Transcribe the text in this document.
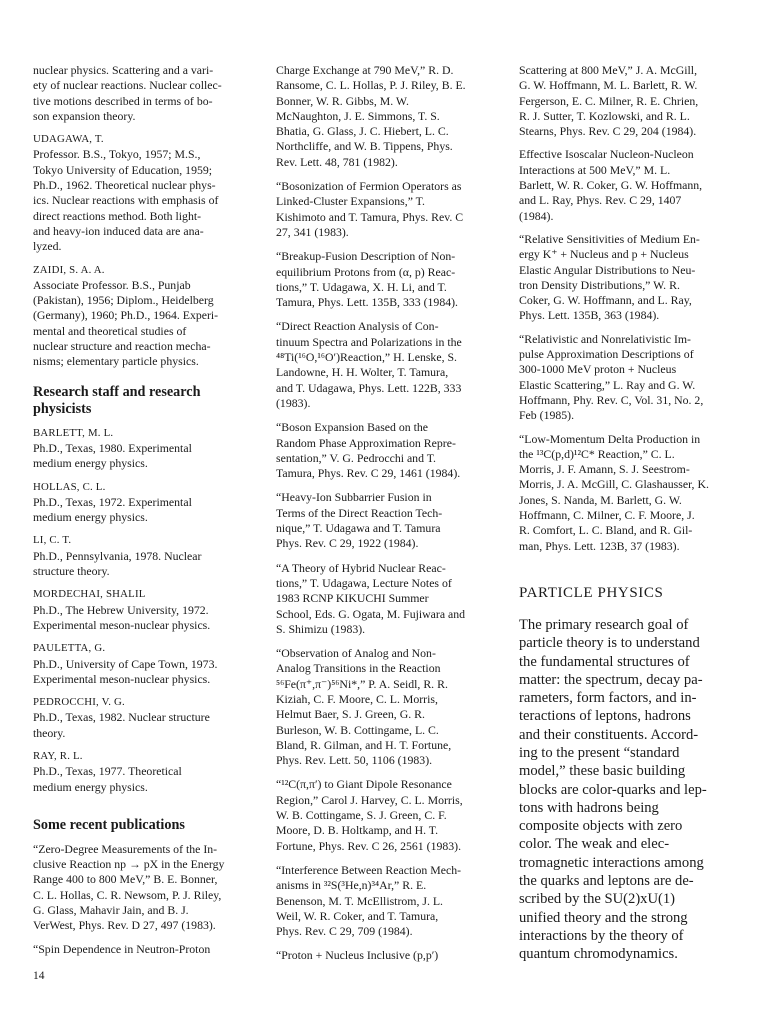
nuclear physics. Scattering and a vari-
ety of nuclear reactions. Nuclear collec-
tive motions described in terms of bo-
son expansion theory.
UDAGAWA, T.
Professor. B.S., Tokyo, 1957; M.S.,
Tokyo University of Education, 1959;
Ph.D., 1962. Theoretical nuclear phys-
ics. Nuclear reactions with emphasis of
direct reactions method. Both light-
and heavy-ion induced data are ana-
lyzed.
ZAIDI, S. A. A.
Associate Professor. B.S., Punjab
(Pakistan), 1956; Diplom., Heidelberg
(Germany), 1960; Ph.D., 1964. Experi-
mental and theoretical studies of
nuclear structure and reaction mecha-
nisms; elementary particle physics.
Research staff and research
physicists
BARLETT, M. L.
Ph.D., Texas, 1980. Experimental
medium energy physics.
HOLLAS, C. L.
Ph.D., Texas, 1972. Experimental
medium energy physics.
LI, C. T.
Ph.D., Pennsylvania, 1978. Nuclear
structure theory.
MORDECHAI, SHALIL
Ph.D., The Hebrew University, 1972.
Experimental meson-nuclear physics.
PAULETTA, G.
Ph.D., University of Cape Town, 1973.
Experimental meson-nuclear physics.
PEDROCCHI, V. G.
Ph.D., Texas, 1982. Nuclear structure
theory.
RAY, R. L.
Ph.D., Texas, 1977. Theoretical
medium energy physics.
Some recent publications
“Zero-Degree Measurements of the In-
clusive Reaction np → pX in the Energy
Range 400 to 800 MeV,” B. E. Bonner,
C. L. Hollas, C. R. Newsom, P. J. Riley,
G. Glass, Mahavir Jain, and B. J.
VerWest, Phys. Rev. D 27, 497 (1983).
“Spin Dependence in Neutron-Proton
14
Charge Exchange at 790 MeV,” R. D.
Ransome, C. L. Hollas, P. J. Riley, B. E.
Bonner, W. R. Gibbs, M. W.
McNaughton, J. E. Simmons, T. S.
Bhatia, G. Glass, J. C. Hiebert, L. C.
Northcliffe, and W. B. Tippens, Phys.
Rev. Lett. 48, 781 (1982).
“Bosonization of Fermion Operators as
Linked-Cluster Expansions,” T.
Kishimoto and T. Tamura, Phys. Rev. C
27, 341 (1983).
“Breakup-Fusion Description of Non-
equilibrium Protons from (α, p) Reac-
tions,” T. Udagawa, X. H. Li, and T.
Tamura, Phys. Lett. 135B, 333 (1984).
“Direct Reaction Analysis of Con-
tinuum Spectra and Polarizations in the
⁴⁸Ti(¹⁶O,¹⁶O′)Reaction,” H. Lenske, S.
Landowne, H. H. Wolter, T. Tamura,
and T. Udagawa, Phys. Lett. 122B, 333
(1983).
“Boson Expansion Based on the
Random Phase Approximation Repre-
sentation,” V. G. Pedrocchi and T.
Tamura, Phys. Rev. C 29, 1461 (1984).
“Heavy-Ion Subbarrier Fusion in
Terms of the Direct Reaction Tech-
nique,” T. Udagawa and T. Tamura
Phys. Rev. C 29, 1922 (1984).
“A Theory of Hybrid Nuclear Reac-
tions,” T. Udagawa, Lecture Notes of
1983 RCNP KIKUCHI Summer
School, Eds. G. Ogata, M. Fujiwara and
S. Shimizu (1983).
“Observation of Analog and Non-
Analog Transitions in the Reaction
⁵⁶Fe(π⁺,π⁻)⁵⁶Ni*,” P. A. Seidl, R. R.
Kiziah, C. F. Moore, C. L. Morris,
Helmut Baer, S. J. Green, G. R.
Burleson, W. B. Cottingame, L. C.
Bland, R. Gilman, and H. T. Fortune,
Phys. Rev. Lett. 50, 1106 (1983).
“¹²C(π,π′) to Giant Dipole Resonance
Region,” Carol J. Harvey, C. L. Morris,
W. B. Cottingame, S. J. Green, C. F.
Moore, D. B. Holtkamp, and H. T.
Fortune, Phys. Rev. C 26, 2561 (1983).
“Interference Between Reaction Mech-
anisms in ³²S(³He,n)³⁴Ar,” R. E.
Benenson, M. T. McEllistrom, J. L.
Weil, W. R. Coker, and T. Tamura,
Phys. Rev. C 29, 709 (1984).
“Proton + Nucleus Inclusive (p,p′)
Scattering at 800 MeV,” J. A. McGill,
G. W. Hoffmann, M. L. Barlett, R. W.
Fergerson, E. C. Milner, R. E. Chrien,
R. J. Sutter, T. Kozlowski, and R. L.
Stearns, Phys. Rev. C 29, 204 (1984).
Effective Isoscalar Nucleon-Nucleon
Interactions at 500 MeV,” M. L.
Barlett, W. R. Coker, G. W. Hoffmann,
and L. Ray, Phys. Rev. C 29, 1407
(1984).
“Relative Sensitivities of Medium En-
ergy K⁺ + Nucleus and p + Nucleus
Elastic Angular Distributions to Neu-
tron Density Distributions,” W. R.
Coker, G. W. Hoffmann, and L. Ray,
Phys. Lett. 135B, 363 (1984).
“Relativistic and Nonrelativistic Im-
pulse Approximation Descriptions of
300-1000 MeV proton + Nucleus
Elastic Scattering,” L. Ray and G. W.
Hoffmann, Phy. Rev. C, Vol. 31, No. 2,
Feb (1985).
“Low-Momentum Delta Production in
the ¹³C(p,d)¹²C* Reaction,” C. L.
Morris, J. F. Amann, S. J. Seestrom-
Morris, J. A. McGill, C. Glashausser, K.
Jones, S. Nanda, M. Barlett, G. W.
Hoffmann, C. Milner, C. F. Moore, J.
R. Comfort, L. C. Bland, and R. Gil-
man, Phys. Lett. 123B, 37 (1983).
PARTICLE PHYSICS
The primary research goal of
particle theory is to understand
the fundamental structures of
matter: the spectrum, decay pa-
rameters, form factors, and in-
teractions of leptons, hadrons
and their constituents. Accord-
ing to the present “standard
model,” these basic building
blocks are color-quarks and lep-
tons with hadrons being
composite objects with zero
color. The weak and elec-
tromagnetic interactions among
the quarks and leptons are de-
scribed by the SU(2)xU(1)
unified theory and the strong
interactions by the theory of
quantum chromodynamics.
